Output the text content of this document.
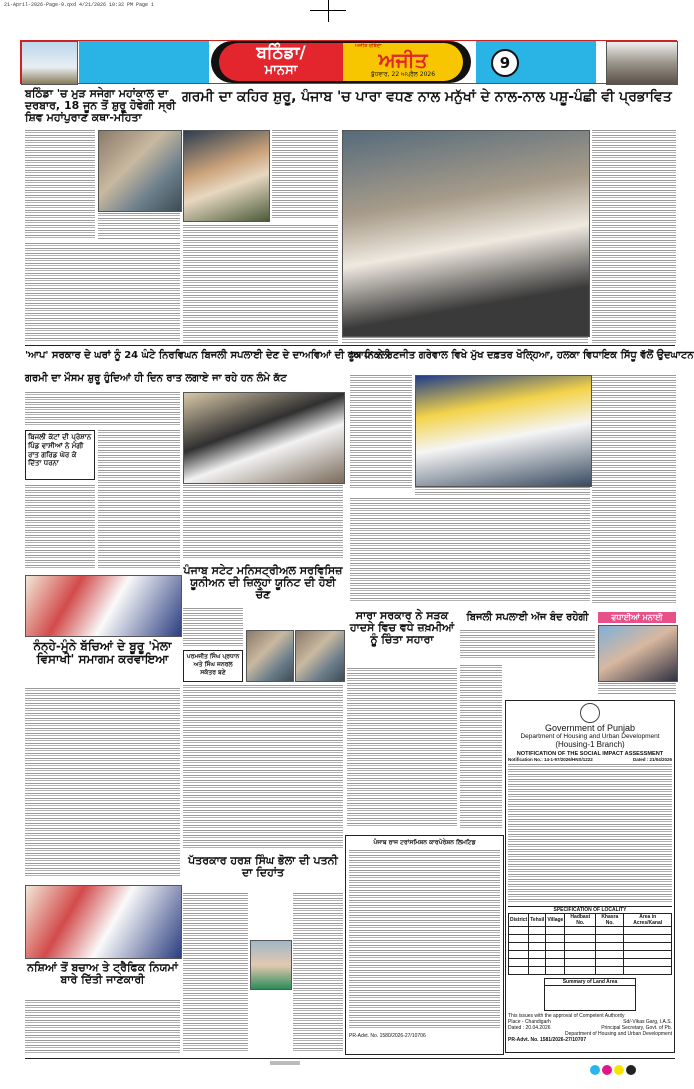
21-April-2026-Page-9.qxd 4/21/2026 10:32 PM Page 1
ਬਠਿੰਡਾ/
ਮਾਨਸਾ
ਅਜੀਤ ਰਬਿੰਦਾ
ਅਜੀਤ
ਬੁੱਧਵਾਰ, 22 ਅਪ੍ਰੈਲ 2026
9
ਬਠਿੰਡਾ 'ਚ ਮੁੜ ਸਜੇਗਾ ਮਹਾਂਕਾਲ ਦਾ ਦਰਬਾਰ, 18 ਜੂਨ ਤੋਂ ਸ਼ੁਰੂ ਹੋਵੇਗੀ ਸ੍ਰੀ ਸ਼ਿਵ ਮਹਾਂਪੁਰਾਣ ਕਥਾ-ਮਹਿਤਾ
ਗਰਮੀ ਦਾ ਕਹਿਰ ਸ਼ੁਰੂ, ਪੰਜਾਬ 'ਚ ਪਾਰਾ ਵਧਣ ਨਾਲ ਮਨੁੱਖਾਂ ਦੇ ਨਾਲ-ਨਾਲ ਪਸ਼ੂ-ਪੰਛੀ ਵੀ ਪ੍ਰਭਾਵਿਤ
'ਆਪ' ਸਰਕਾਰ ਦੇ ਘਰਾਂ ਨੂੰ 24 ਘੰਟੇ ਨਿਰਵਿਘਨ ਬਿਜਲੀ ਸਪਲਾਈ ਦੇਣ ਦੇ ਦਾਅਵਿਆਂ ਦੀ ਫੂਕ ਨਿਕਲੀ
ਗਰਮੀ ਦਾ ਮੌਸਮ ਸ਼ੁਰੂ ਹੁੰਦਿਆਂ ਹੀ ਦਿਨ ਰਾਤ ਲਗਾਏ ਜਾ ਰਹੇ ਹਨ ਲੰਮੇ ਕੱਟ
ਬਿਜਲੀ ਕੱਟਾਂ ਦੀ ਪ੍ਰੇਸ਼ਾਨ ਪਿੰਡ ਵਾਸੀਆਂ ਨੇ ਮੰਗੀ ਰਾਤ ਗਰਿਡ ਘੇਰ ਕੇ ਦਿੱਤਾ ਧਰਨਾ
'ਆਪ' ਨੇ ਰਣਜੀਤ ਗਰੇਵਾਲ ਵਿਖੇ ਮੁੱਖ ਦਫ਼ਤਰ ਖੋਲ੍ਹਿਆ, ਹਲਕਾ ਵਿਧਾਇਕ ਸਿੱਧੂ ਵੱਲੋਂ ਉਦਘਾਟਨ
ਨੰਨ੍ਹੇ-ਮੁੰਨੇ ਬੱਚਿਆਂ ਦੇ ਬੂਰੂ 'ਮੇਲਾ ਵਿਸਾਖੀ' ਸਮਾਗਮ ਕਰਵਾਇਆ
ਪੰਜਾਬ ਸਟੇਟ ਮਨਿਸਟ੍ਰੀਅਲ ਸਰਵਿਸਿਜ਼ ਯੂਨੀਅਨ ਦੀ ਜ਼ਿਲ੍ਹਾ ਯੂਨਿਟ ਦੀ ਹੋਈ ਚੋਣ
ਪਰਮਜੀਤ ਸਿੰਘ ਪ੍ਰਧਾਨ ਅਤੇ ਸਿੰਘ ਜਨਰਲ ਸਕੱਤਰ ਬਣੇ
ਪੱਤਰਕਾਰ ਹਰਸ਼ ਸਿੰਘ ਭੋਲਾ ਦੀ ਪਤਨੀ ਦਾ ਦਿਹਾਂਤ
ਨਸ਼ਿਆਂ ਤੋਂ ਬਚਾਅ ਤੇ ਟ੍ਰੈਫਿਕ ਨਿਯਮਾਂ ਬਾਰੇ ਦਿੱਤੀ ਜਾਣਕਾਰੀ
ਸਾਰਾ ਸਰਕਾਰ ਨੇ ਸੜਕ ਹਾਦਸੇ ਵਿਚ ਵਧੇ ਜ਼ਖ਼ਮੀਆਂ ਨੂੰ ਚਿੰਤਾ ਸਹਾਰਾ
ਬਿਜਲੀ ਸਪਲਾਈ ਅੱਜ ਬੰਦ ਰਹੇਗੀ	ਵਧਾਈਆਂ ਮਨਾਈ
ਪੰਜਾਬ ਰਾਜ ਟਰਾਂਸਮਿਸ਼ਨ ਕਾਰਪੋਰੇਸ਼ਨ ਲਿਮਟਿਡ
PR-Advt. No. 1580/2026-27/10706
Government of Punjab
Department of Housing and Urban Development
(Housing-1 Branch)
NOTIFICATION OF THE SOCIAL IMPACT ASSESSMENT
Notification No.: 14-1-97/2026/HNS/1222	Dated : 21/04/2026
SPECIFICATION OF LOCALITY
District	Tehsil	Village	Hadbast No.	Khasra No.	Area in Acres/Kanal

Summary of Land Area
This issues with the approval of Competent Authority
Place - Chandigarh	Sd/-Vikas Garg, I.A.S.
Dated : 20.04.2026	Principal Secretary, Govt. of Pb.
Department of Housing and Urban Development
PR-Advt. No. 1581/2026-27/10707
